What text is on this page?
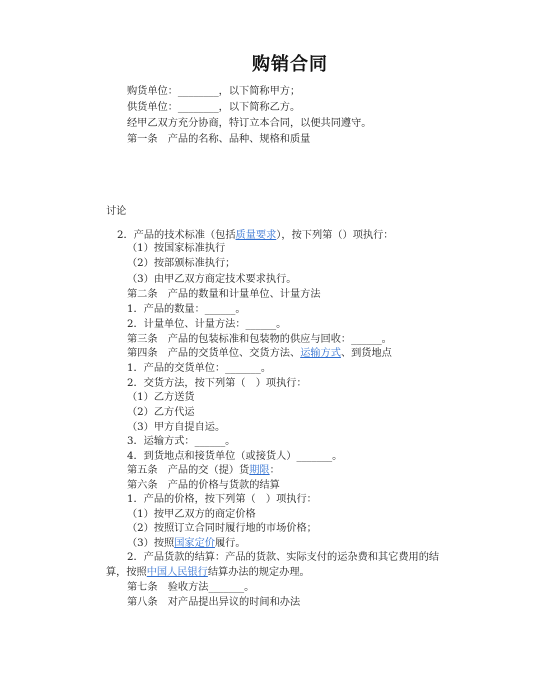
购销合同
购货单位：________，以下简称甲方；
供货单位：________，以下简称乙方。
经甲乙双方充分协商，特订立本合同，以便共同遵守。
第一条　产品的名称、品种、规格和质量
讨论
2．产品的技术标准（包括质量要求），按下列第（）项执行：
（1）按国家标准执行
（2）按部颁标准执行；
（3）由甲乙双方商定技术要求执行。
第二条　产品的数量和计量单位、计量方法
1．产品的数量：______。
2．计量单位、计量方法：______。
第三条　产品的包装标准和包装物的供应与回收：______。
第四条　产品的交货单位、交货方法、运输方式、到货地点
1．产品的交货单位：_______。
2．交货方法，按下列第（　）项执行：
（1）乙方送货
（2）乙方代运
（3）甲方自提自运。
3．运输方式：______。
4．到货地点和接货单位（或接货人）_______。
第五条　产品的交（提）货期限：
第六条　产品的价格与货款的结算
1．产品的价格，按下列第（　）项执行：
（1）按甲乙双方的商定价格
（2）按照订立合同时履行地的市场价格；
（3）按照国家定价履行。
2．产品货款的结算：产品的货款、实际支付的运杂费和其它费用的结
算，按照中国人民银行结算办法的规定办理。
第七条　验收方法_______。
第八条　对产品提出异议的时间和办法
